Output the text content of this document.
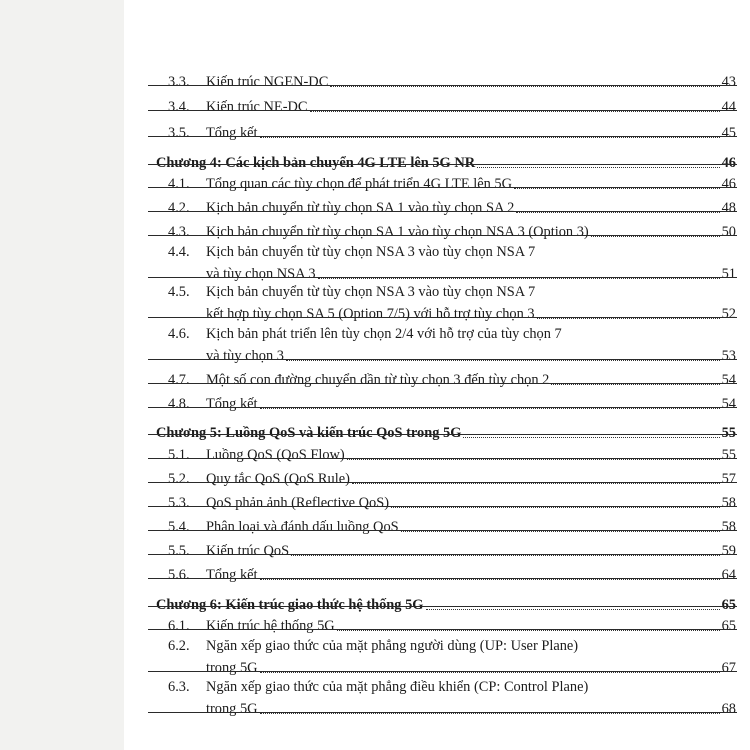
3.3.	Kiến trúc NGEN-DC	43
3.4.	Kiến trúc NE-DC	44
3.5.	Tổng kết	45
Chương 4: Các kịch bản chuyển 4G LTE lên 5G NR	46
4.1.	Tổng quan các tùy chọn để phát triển 4G LTE lên 5G	46
4.2.	Kịch bản chuyển từ tùy chọn SA 1 vào tùy chọn SA 2	48
4.3.	Kịch bản chuyển từ tùy chọn SA 1 vào tùy chọn NSA 3 (Option 3)	50
4.4.	Kịch bản chuyển từ tùy chọn NSA 3 vào tùy chọn NSA 7
và tùy chọn NSA 3	51
4.5.	Kịch bản chuyển từ tùy chọn NSA 3 vào tùy chọn NSA 7
kết hợp tùy chọn SA 5 (Option 7/5) với hỗ trợ tùy chọn 3	52
4.6.	Kịch bản phát triển lên tùy chọn 2/4 với hỗ trợ của tùy chọn 7
và tùy chọn 3	53
4.7.	Một số con đường chuyển dần từ tùy chọn 3 đến tùy chọn 2	54
4.8.	Tổng kết	54
Chương 5: Luồng QoS và kiến trúc QoS trong 5G	55
5.1.	Luồng QoS (QoS Flow)	55
5.2.	Quy tắc QoS (QoS Rule)	57
5.3.	QoS phản ảnh (Reflective QoS)	58
5.4.	Phân loại và đánh dấu luồng QoS	58
5.5.	Kiến trúc QoS	59
5.6.	Tổng kết	64
Chương 6: Kiến trúc giao thức hệ thống 5G	65
6.1.	Kiến trúc hệ thống 5G	65
6.2.	Ngăn xếp giao thức của mặt phẳng người dùng (UP: User Plane)
trong 5G	67
6.3.	Ngăn xếp giao thức của mặt phẳng điều khiển (CP: Control Plane)
trong 5G	68
